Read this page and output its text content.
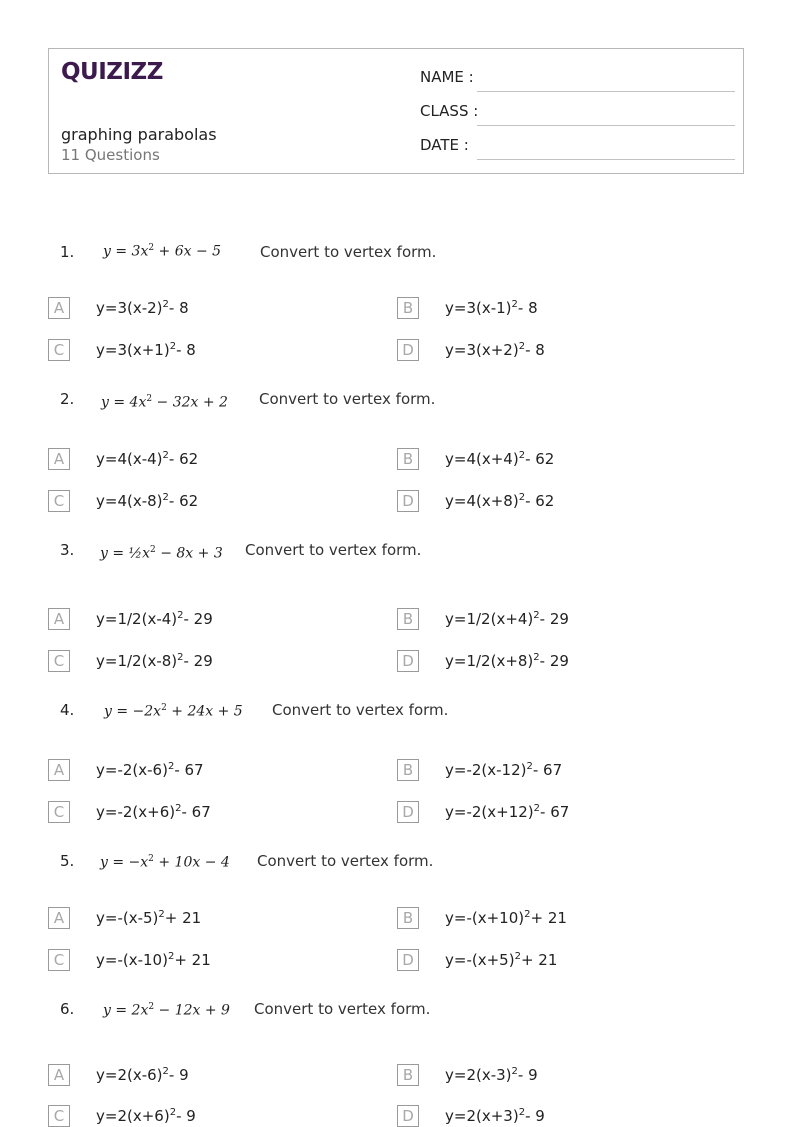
QUIZIZZ
graphing parabolas
11 Questions
NAME :
CLASS :
DATE :
1. $y = 3x^2 + 6x - 5$	Convert to vertex form.
A	$y=3(x-2)^2-$ 8	B	$y=3(x-1)^2-$ 8
C	$y=3(x+1)^2-$ 8	D	$y=3(x+2)^2-$ 8
2. $y = 4x^2 - 32x + 2$ Convert to vertex form.
A	$y=4(x-4)^2-$ 62	B	$y=4(x+4)^2-$ 62
C	$y=4(x-8)^2-$ 62	D	$y=4(x+8)^2-$ 62
3. $y = \frac{1}{2}x^2 - 8x + 3$ Convert to vertex form.
A	$y=1/2(x-4)^2-$ 29	B	$y=1/2(x+4)^2-$ 29
C	$y=1/2(x-8)^2-$ 29	D	$y=1/2(x+8)^2-$ 29
4. $y = -2x^2 + 24x + 5$ Convert to vertex form.
A	$y=-2(x-6)^2-$ 67	B	$y=-2(x-12)^2-$ 67
C	$y=-2(x+6)^2-$ 67	D	$y=-2(x+12)^2-$ 67
5. $y = -x^2 + 10x - 4$ Convert to vertex form.
A	$y=-(x-5)^2+ 21$	B	$y=-(x+10)^2+ 21$
C	$y=-(x-10)^2+ 21$	D	$y=-(x+5)^2+ 21$
6. $y = 2x^2 - 12x + 9$ Convert to vertex form.
A	$y=2(x-6)^2-$ 9	B	$y=2(x-3)^2-$ 9
C	$y=2(x+6)^2-$ 9	D	$y=2(x+3)^2-$ 9
